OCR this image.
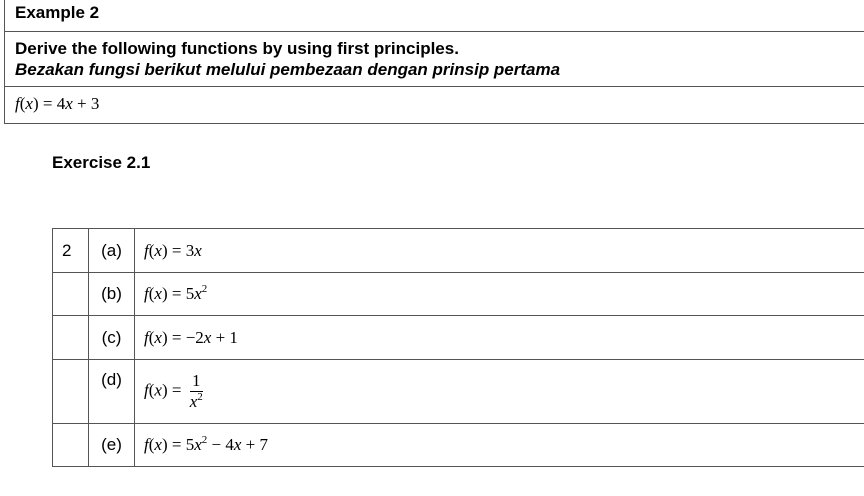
Example 2
Derive the following functions by using first principles.
Bezakan fungsi berikut melului pembezaan dengan prinsip pertama
f(x) = 4x + 3
Exercise 2.1
2	(a)	f(x) = 3x
	(b)	$f(x) = 5x^2$
	(c)	f(x) = −2x + 1
	(d)	$f(x) = \frac{1}{x^2}$

	(e)	$f(x) = 5x^2 - 4x + 7$
